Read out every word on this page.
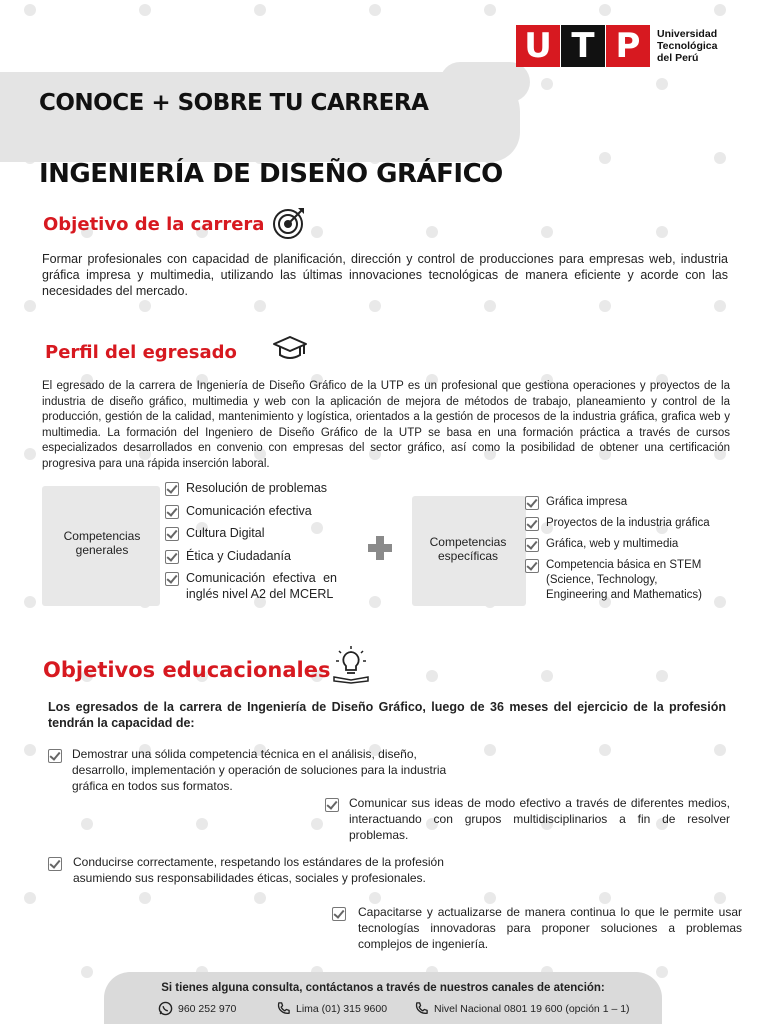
U T P	Universidad
Tecnológica
del Perú
CONOCE + SOBRE TU CARRERA
INGENIERÍA DE DISEÑO GRÁFICO
Objetivo de la carrera
Formar profesionales con capacidad de planificación, dirección y control de producciones para empresas web, industria gráfica impresa y multimedia, utilizando las últimas innovaciones tecnológicas de manera eficiente y acorde con las necesidades del mercado.
Perfil del egresado
El egresado de la carrera de Ingeniería de Diseño Gráfico de la UTP es un profesional que gestiona operaciones y proyectos de la industria de diseño gráfico, multimedia y web con la aplicación de mejora de métodos de trabajo, planeamiento y control de la producción, gestión de la calidad, mantenimiento y logística, orientados a la gestión de procesos de la industria gráfica, grafica web y multimedia. La formación del Ingeniero de Diseño Gráfico de la UTP se basa en una formación práctica a través de cursos especializados desarrollados en convenio con empresas del sector gráfico, así como la posibilidad de obtener una certificación progresiva para una rápida inserción laboral.
Competencias generales
Resolución de problemas
Comunicación efectiva
Cultura Digital
Ética y Ciudadanía
Comunicación efectiva en inglés nivel A2 del MCERL
Competencias específicas
Gráfica impresa
Proyectos de la industria gráfica
Gráfica, web y multimedia
Competencia básica en STEM (Science, Technology, Engineering and Mathematics)
Objetivos educacionales
Los egresados de la carrera de Ingeniería de Diseño Gráfico, luego de 36 meses del ejercicio de la profesión tendrán la capacidad de:
Demostrar una sólida competencia técnica en el análisis, diseño, desarrollo, implementación y operación de soluciones para la industria gráfica en todos sus formatos.
Comunicar sus ideas de modo efectivo a través de diferentes medios, interactuando con grupos multidisciplinarios a fin de resolver problemas.
Conducirse correctamente, respetando los estándares de la profesión asumiendo sus responsabilidades éticas, sociales y profesionales.
Capacitarse y actualizarse de manera continua lo que le permite usar tecnologías innovadoras para proponer soluciones a problemas complejos de ingeniería.
Si tienes alguna consulta, contáctanos a través de nuestros canales de atención:
960 252 970	Lima (01) 315 9600	Nivel Nacional 0801 19 600 (opción 1 – 1)
